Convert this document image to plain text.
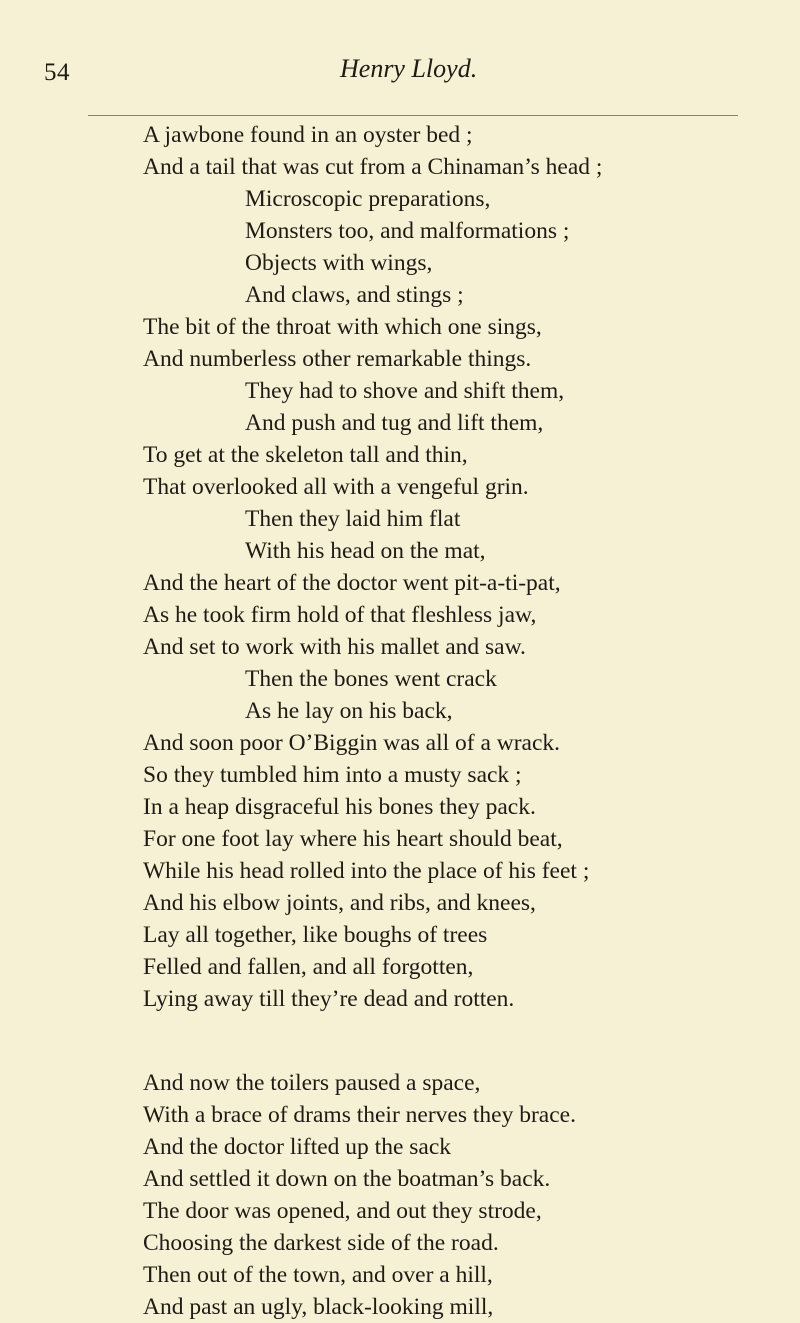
54	Henry Lloyd.
A jawbone found in an oyster bed ;
And a tail that was cut from a Chinaman’s head ;
Microscopic preparations,
Monsters too, and malformations ;
Objects with wings,
And claws, and stings ;
The bit of the throat with which one sings,
And numberless other remarkable things.
They had to shove and shift them,
And push and tug and lift them,
To get at the skeleton tall and thin,
That overlooked all with a vengeful grin.
Then they laid him flat
With his head on the mat,
And the heart of the doctor went pit-a-ti-pat,
As he took firm hold of that fleshless jaw,
And set to work with his mallet and saw.
Then the bones went crack
As he lay on his back,
And soon poor O’Biggin was all of a wrack.
So they tumbled him into a musty sack ;
In a heap disgraceful his bones they pack.
For one foot lay where his heart should beat,
While his head rolled into the place of his feet ;
And his elbow joints, and ribs, and knees,
Lay all together, like boughs of trees
Felled and fallen, and all forgotten,
Lying away till they’re dead and rotten.
And now the toilers paused a space,
With a brace of drams their nerves they brace.
And the doctor lifted up the sack
And settled it down on the boatman’s back.
The door was opened, and out they strode,
Choosing the darkest side of the road.
Then out of the town, and over a hill,
And past an ugly, black-looking mill,
